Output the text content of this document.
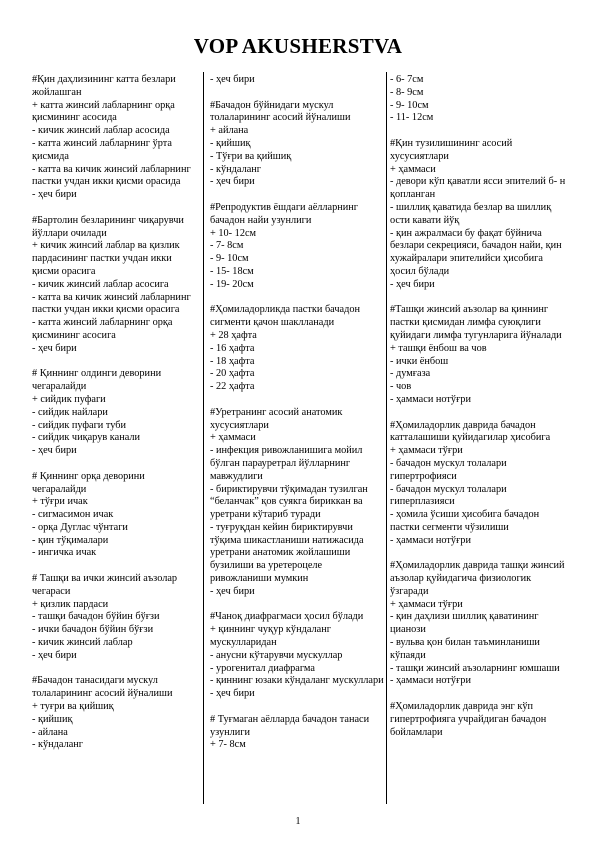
VOP AKUSHERSTVA
#Қин даҳлизининг катта безлари жойлашган
+ катта жинсий лабларнинг орқа қисмининг асосида
- кичик жинсий лаблар асосида
- катта жинсий лабларнинг ўрта қисмида
- катта ва кичик жинсий лабларнинг пастки учдан икки қисми орасида
- ҳеч бири
#Бартолин безларининг чиқарувчи йўллари очилади
+ кичик жинсий лаблар ва қизлик пардасининг пастки учдан икки қисми орасига
- кичик жинсий лаблар асосига
- катта ва кичик жинсий лабларнинг пастки учдан икки қисми орасига
- катта жинсий лабларнинг орқа қисмининг асосига
- ҳеч бири
# Қиннинг олдинги деворини чегаралайди
+ сийдик пуфаги
- сийдик найлари
- сийдик пуфаги туби
- сийдик чиқарув канали
- ҳеч бири
# Қиннинг орқа деворини чегаралайди
+ тўғри ичак
- сигмасимон ичак
- орқа Дуглас чўнтаги
- қин тўқималари
- ингичка ичак
# Ташқи ва ички жинсий аъзолар чегараси
+ қизлик пардаси
- ташқи бачадон бўйин бўғзи
- ички бачадон бўйин бўғзи
- кичик жинсий лаблар
- ҳеч бири
#Бачадон танасидаги мускул толаларининг асосий йўналиши
+ туғри ва қийшиқ
- қийшиқ
- айлана
- кўндаланг
- ҳеч бири
#Бачадон бўйнидаги мускул толаларининг асосий йўналиши
+ айлана
- қийшиқ
- Тўғри ва қийшиқ
- кўндаланг
- ҳеч бири
#Репродуктив ёшдаги аёлларнинг бачадон найи узунлиги
+ 10- 12см
- 7- 8см
- 9- 10см
- 15- 18см
- 19- 20см
#Ҳомиладорликда пастки бачадон сигменти қачон шаклланади
+ 28 ҳафта
- 16 ҳафта
- 18 ҳафта
- 20 ҳафта
- 22 ҳафта
#Уретранинг асосий анатомик хусусиятлари
+ ҳаммаси
- инфекция ривожланишига мойил бўлган парауретрал йўлларнинг мавжудлиги
- бириктирувчи тўқимадан тузилган “беланчак” қов суякга бириккан ва уретрани кўтариб туради
- туғруқдан кейин бириктирувчи тўқима шикастланиши натижасида уретрани анатомик жойлашиши бузилиши ва уретероцеле ривожланиши мумкин
- ҳеч бири
#Чаноқ диафрагмаси ҳосил бўлади
+ қиннинг чуқур кўндаланг мускулларидан
- анусни кўтарувчи мускуллар
- урогенитал диафрагма
- қиннинг юзаки кўндаланг мускуллари
- ҳеч бири
# Туғмаган аёлларда бачадон танаси узунлиги
+ 7- 8см
- 6- 7см
- 8- 9см
- 9- 10см
- 11- 12см
#Қин тузилишининг асосий хусусиятлари
+ ҳаммаси
- девори кўп қаватли ясси эпителий б- н қопланган
- шиллиқ қаватида безлар ва шиллиқ ости кавати йўқ
- қин ажралмаси бу фақат бўйнича безлари секрецияси, бачадон найи, қин хужайралари эпителийси ҳисобига ҳосил бўлади
- ҳеч бири
#Ташқи жинсий аъзолар ва қиннинг пастки қисмидан лимфа суюқлиги қуйидаги лимфа тугунларига йўналади
+ ташқи ёнбош ва чов
- ички ёнбош
- думғаза
- чов
- ҳаммаси нотўғри
#Ҳомиладорлик даврида бачадон катталашиши қуйидагилар ҳисобига
+ ҳаммаси тўғри
- бачадон мускул толалари гипертрофияси
- бачадон мускул толалари гиперплазияси
- ҳомила ўсиши ҳисобига бачадон пастки сегменти чўзилиши
- ҳаммаси нотўғри
#Ҳомиладорлик даврида ташқи жинсий аъзолар қуйидагича физиологик ўзгаради
+ ҳаммаси тўғри
- қин даҳлизи шиллиқ қаватининг цианози
- вульва қон билан таъминланиши кўпаяди
- ташқи жинсий аъзоларнинг юмшаши
- ҳаммаси нотўғри
#Ҳомиладорлик даврида энг кўп гипертрофияга учрайдиган бачадон бойламлари
1
